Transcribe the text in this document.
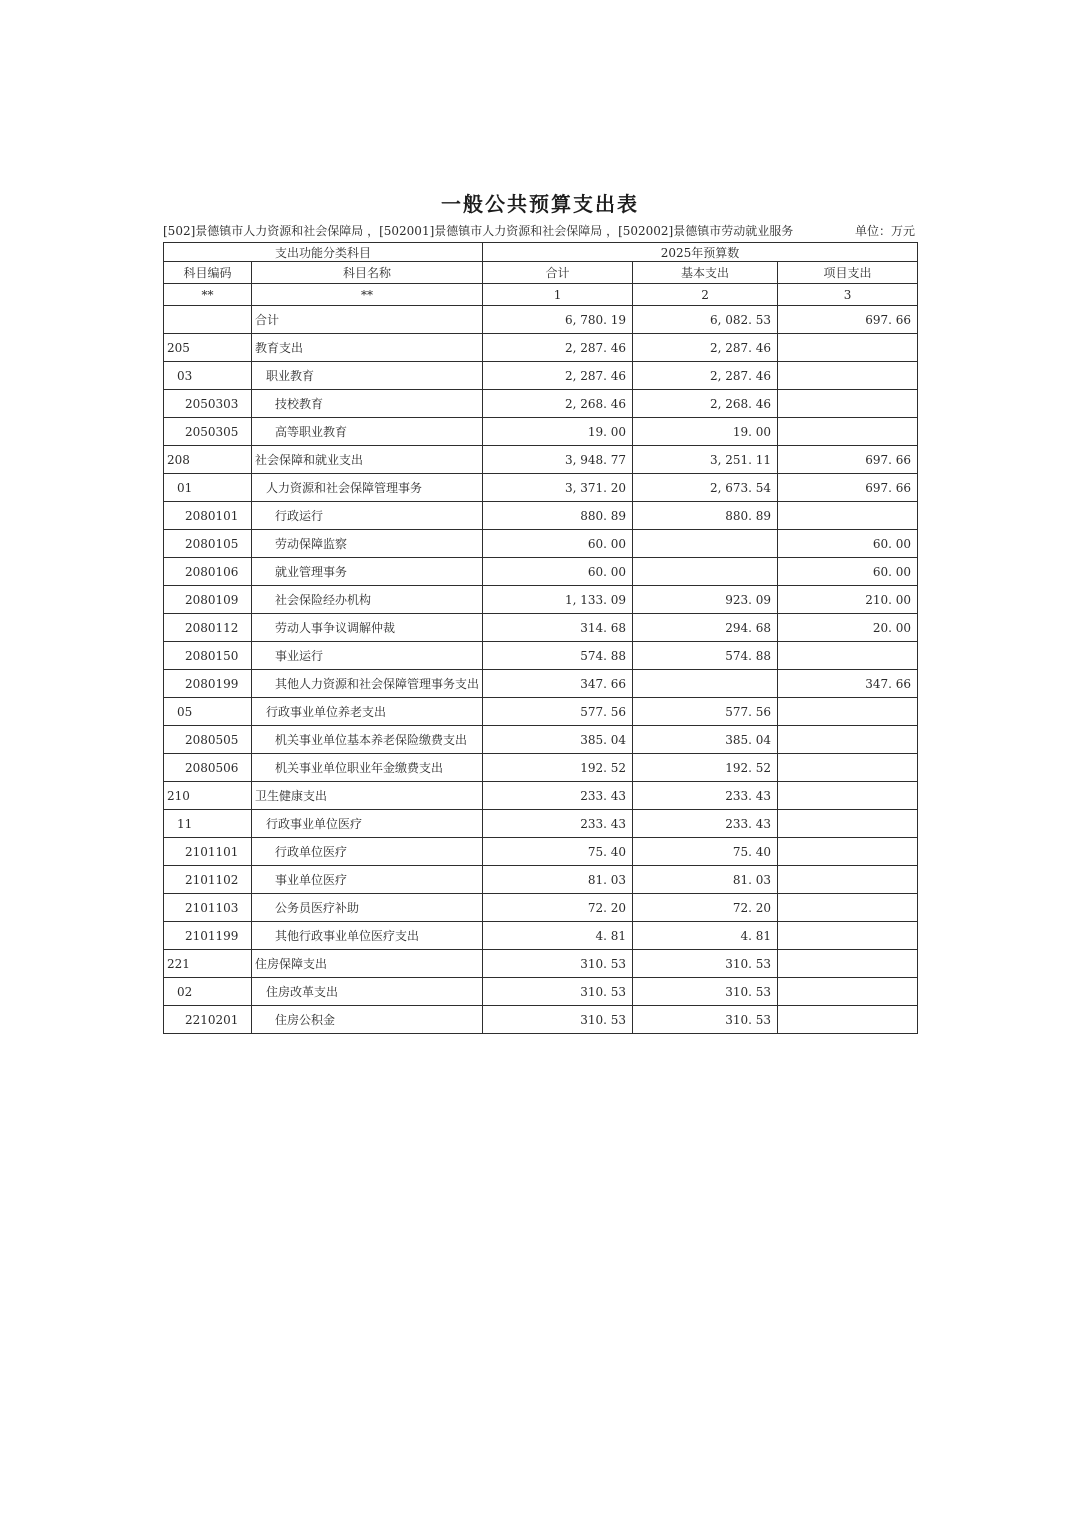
一般公共预算支出表
[502]景德镇市人力资源和社会保障局 ，[502001]景德镇市人力资源和社会保障局 ，[502002]景德镇市劳动就业服务	单位：万元
支出功能分类科目		2025年预算数		
科目编码	科目名称	合计	基本支出	项目支出
**	**	1	2	3
	合计	6, 780. 19	6, 082. 53	697. 66
205	教育支出	2, 287. 46	2, 287. 46	
03	职业教育	2, 287. 46	2, 287. 46	
2050303	技校教育	2, 268. 46	2, 268. 46	
2050305	高等职业教育	19. 00	19. 00	
208	社会保障和就业支出	3, 948. 77	3, 251. 11	697. 66
01	人力资源和社会保障管理事务	3, 371. 20	2, 673. 54	697. 66
2080101	行政运行	880. 89	880. 89	
2080105	劳动保障监察	60. 00		60. 00
2080106	就业管理事务	60. 00		60. 00
2080109	社会保险经办机构	1, 133. 09	923. 09	210. 00
2080112	劳动人事争议调解仲裁	314. 68	294. 68	20. 00
2080150	事业运行	574. 88	574. 88	
2080199	其他人力资源和社会保障管理事务支出	347. 66		347. 66
05	行政事业单位养老支出	577. 56	577. 56	
2080505	机关事业单位基本养老保险缴费支出	385. 04	385. 04	
2080506	机关事业单位职业年金缴费支出	192. 52	192. 52	
210	卫生健康支出	233. 43	233. 43	
11	行政事业单位医疗	233. 43	233. 43	
2101101	行政单位医疗	75. 40	75. 40	
2101102	事业单位医疗	81. 03	81. 03	
2101103	公务员医疗补助	72. 20	72. 20	
2101199	其他行政事业单位医疗支出	4. 81	4. 81	
221	住房保障支出	310. 53	310. 53	
02	住房改革支出	310. 53	310. 53	
2210201	住房公积金	310. 53	310. 53	
